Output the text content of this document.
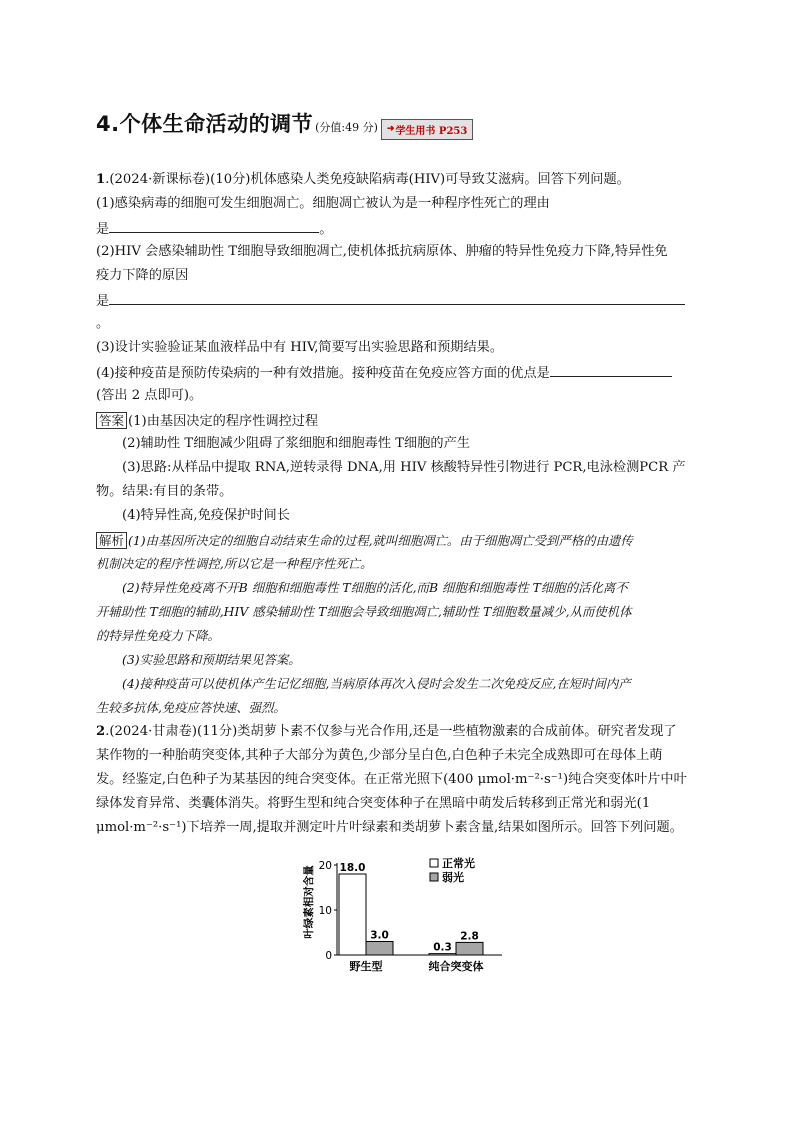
4.个体生命活动的调节 (分值:49 分) ➜ 学生用书 P253
1.(2024·新课标卷)(10分)机体感染人类免疫缺陷病毒(HIV)可导致艾滋病。回答下列问题。
(1)感染病毒的细胞可发生细胞凋亡。细胞凋亡被认为是一种程序性死亡的理由
是	。
(2)HIV 会感染辅助性 T细胞导致细胞凋亡,使机体抵抗病原体、肿瘤的特异性免疫力下降,特异性免
疫力下降的原因
是
。
(3)设计实验验证某血液样品中有 HIV,简要写出实验思路和预期结果。
(4)接种疫苗是预防传染病的一种有效措施。接种疫苗在免疫应答方面的优点是
(答出 2 点即可)。
答案 (1)由基因决定的程序性调控过程
(2)辅助性 T细胞减少阻碍了浆细胞和细胞毒性 T细胞的产生
(3)思路:从样品中提取 RNA,逆转录得 DNA,用 HIV 核酸特异性引物进行 PCR,电泳检测PCR 产
物。结果:有目的条带。
(4)特异性高,免疫保护时间长
解析 (1)由基因所决定的细胞自动结束生命的过程,就叫细胞凋亡。由于细胞凋亡受到严格的由遗传
机制决定的程序性调控,所以它是一种程序性死亡。
(2)特异性免疫离不开B 细胞和细胞毒性 T细胞的活化,而B 细胞和细胞毒性 T细胞的活化离不
开辅助性 T细胞的辅助,HIV 感染辅助性 T细胞会导致细胞凋亡,辅助性 T细胞数量减少,从而使机体
的特异性免疫力下降。
(3)实验思路和预期结果见答案。
(4)接种疫苗可以使机体产生记忆细胞,当病原体再次入侵时会发生二次免疫反应,在短时间内产
生较多抗体,免疫应答快速、强烈。
2.(2024·甘肃卷)(11分)类胡萝卜素不仅参与光合作用,还是一些植物激素的合成前体。研究者发现了
某作物的一种胎萌突变体,其种子大部分为黄色,少部分呈白色,白色种子未完全成熟即可在母体上萌
发。经鉴定,白色种子为某基因的纯合突变体。在正常光照下(400 μmol·m⁻²·s⁻¹)纯合突变体叶片中叶
绿体发育异常、类囊体消失。将野生型和纯合突变体种子在黑暗中萌发后转移到正常光和弱光(1
μmol·m⁻²·s⁻¹)下培养一周,提取并测定叶片叶绿素和类胡萝卜素含量,结果如图所示。回答下列问题。
叶绿素相对含量
0
10
20 18.0
3.0
野生型
0.3
2.8
纯合突变体
正常光
弱光
